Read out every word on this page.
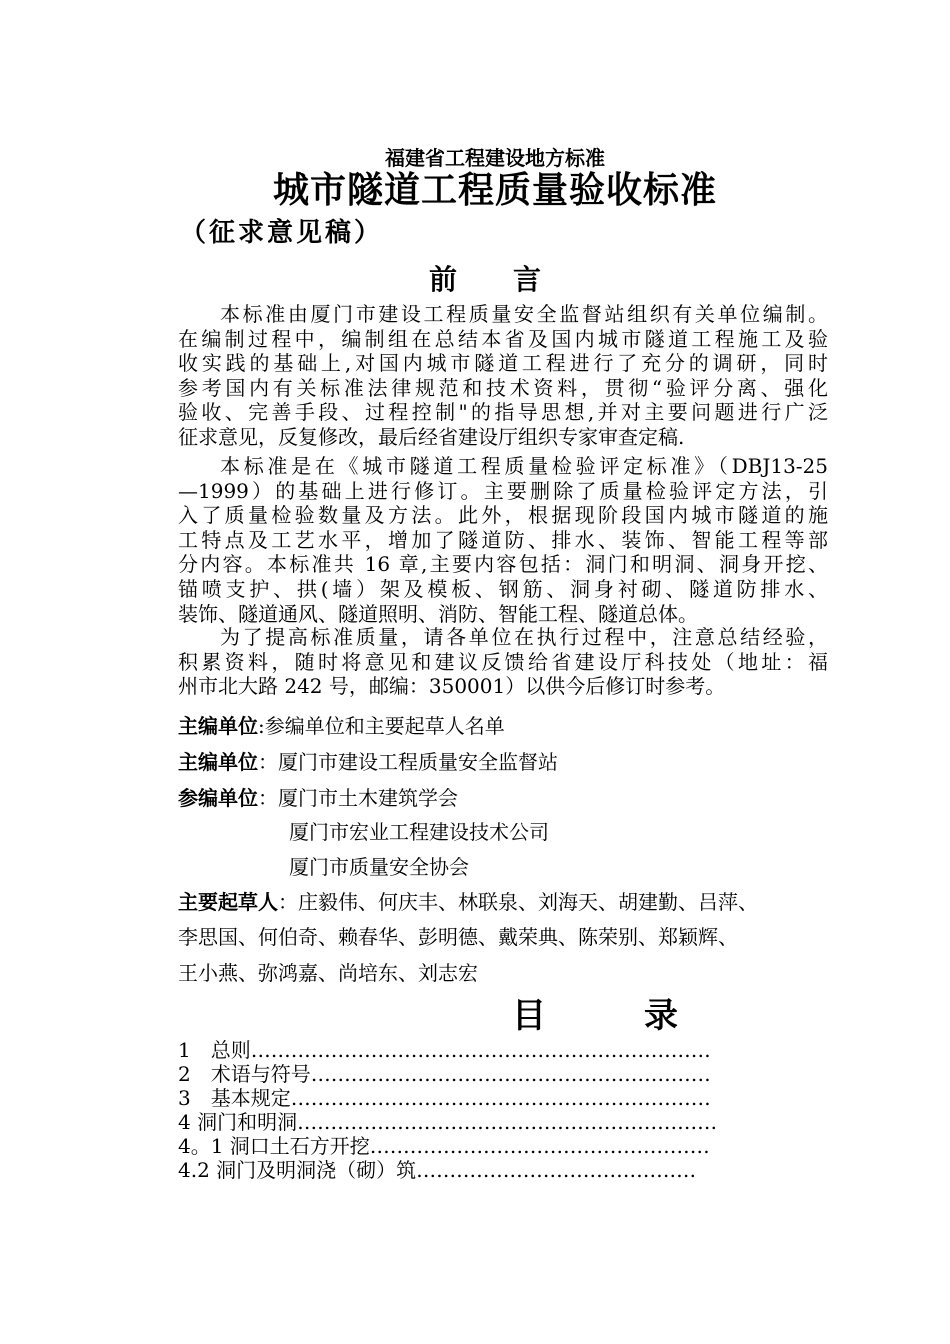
福建省工程建设地方标准
城市隧道工程质量验收标准
（征求意见稿）
前　言
本标准由厦门市建设工程质量安全监督站组织有关单位编制。
在编制过程中，编制组在总结本省及国内城市隧道工程施工及验
收实践的基础上,对国内城市隧道工程进行了充分的调研，同时
参考国内有关标准法律规范和技术资料，贯彻“验评分离、强化
验收、完善手段、过程控制"的指导思想,并对主要问题进行广泛
征求意见，反复修改，最后经省建设厅组织专家审查定稿.
本标准是在《城市隧道工程质量检验评定标准》（DBJ13-25
—1999）的基础上进行修订。主要删除了质量检验评定方法，引
入了质量检验数量及方法。此外，根据现阶段国内城市隧道的施
工特点及工艺水平，增加了隧道防、排水、装饰、智能工程等部
分内容。本标准共 16 章,主要内容包括：洞门和明洞、洞身开挖、
锚喷支护、拱(墙）架及模板、钢筋、洞身衬砌、隧道防排水、
装饰、隧道通风、隧道照明、消防、智能工程、隧道总体。
为了提高标准质量，请各单位在执行过程中，注意总结经验，
积累资料，随时将意见和建议反馈给省建设厅科技处（地址：福
州市北大路 242 号，邮编：350001）以供今后修订时参考。
主编单位:参编单位和主要起草人名单
主编单位：厦门市建设工程质量安全监督站
参编单位：厦门市土木建筑学会
厦门市宏业工程建设技术公司
厦门市质量安全协会
主要起草人：庄毅伟、何庆丰、林联泉、刘海天、胡建勤、吕萍、
李思国、何伯奇、赖春华、彭明德、戴荣典、陈荣别、郑颖辉、
王小燕、弥鸿嘉、尚培东、刘志宏
目	录
1　总则……………………………………………………………
2　术语与符号……………………………………………………
3　基本规定………………………………………………………
4 洞门和明洞………………………………………………………
4。1 洞口土石方开挖……………………………………………
4.2 洞门及明洞浇（砌）筑……………………………………
